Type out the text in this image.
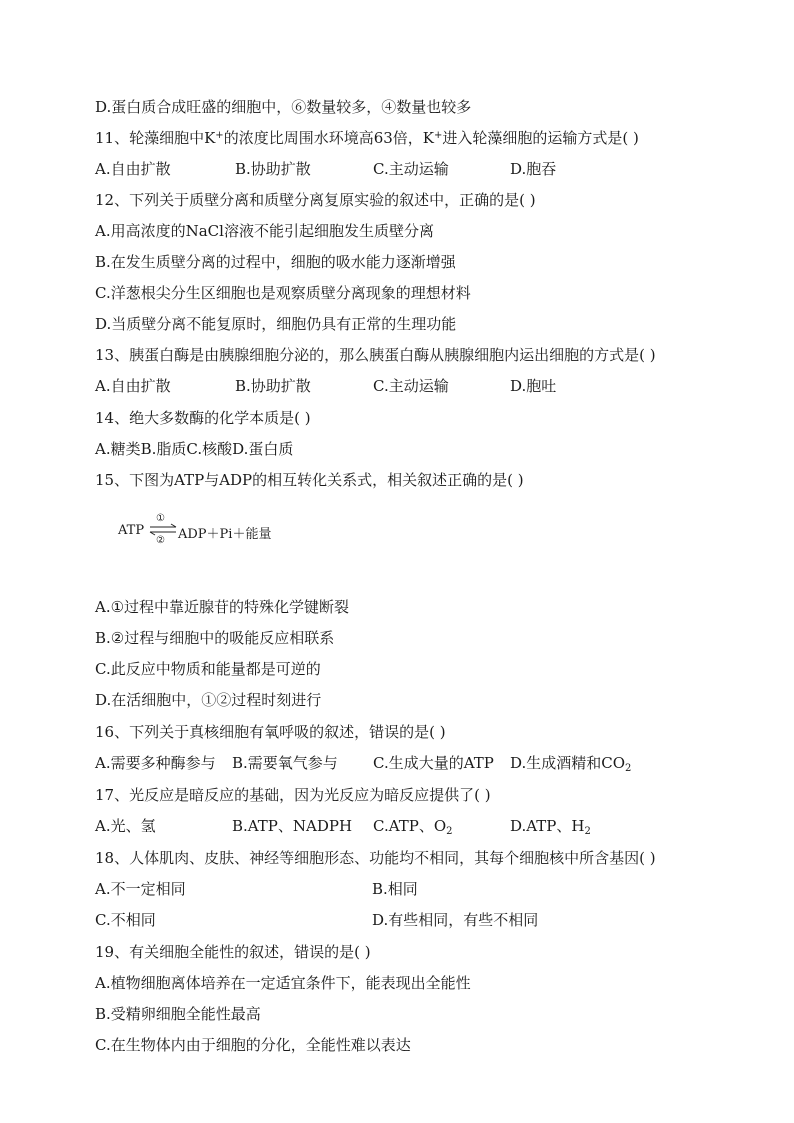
D.蛋白质合成旺盛的细胞中，⑥数量较多，④数量也较多
11、轮藻细胞中K+的浓度比周围水环境高63倍，K+进入轮藻细胞的运输方式是( )
A.自由扩散	B.协助扩散	C.主动运输	D.胞吞
12、下列关于质壁分离和质壁分离复原实验的叙述中，正确的是( )
A.用高浓度的NaCl溶液不能引起细胞发生质壁分离
B.在发生质壁分离的过程中，细胞的吸水能力逐渐增强
C.洋葱根尖分生区细胞也是观察质壁分离现象的理想材料
D.当质壁分离不能复原时，细胞仍具有正常的生理功能
13、胰蛋白酶是由胰腺细胞分泌的，那么胰蛋白酶从胰腺细胞内运出细胞的方式是( )
A.自由扩散	B.协助扩散	C.主动运输	D.胞吐
14、绝大多数酶的化学本质是( )
A.糖类B.脂质C.核酸D.蛋白质
15、下图为ATP与ADP的相互转化关系式，相关叙述正确的是( )
ATP ⇌
①
② ADP＋Pi＋能量
A.①过程中靠近腺苷的特殊化学键断裂
B.②过程与细胞中的吸能反应相联系
C.此反应中物质和能量都是可逆的
D.在活细胞中，①②过程时刻进行
16、下列关于真核细胞有氧呼吸的叙述，错误的是( )
A.需要多种酶参与 B.需要氧气参与 C.生成大量的ATP D.生成酒精和$CO_2$
17、光反应是暗反应的基础，因为光反应为暗反应提供了( )
A.光、氢	B.ATP、NADPH C.ATP、$O_2$	D.ATP、$H_2$
18、人体肌肉、皮肤、神经等细胞形态、功能均不相同，其每个细胞核中所含基因( )
A.不一定相同	B.相同
C.不相同	D.有些相同，有些不相同
19、有关细胞全能性的叙述，错误的是( )
A.植物细胞离体培养在一定适宜条件下，能表现出全能性
B.受精卵细胞全能性最高
C.在生物体内由于细胞的分化，全能性难以表达
